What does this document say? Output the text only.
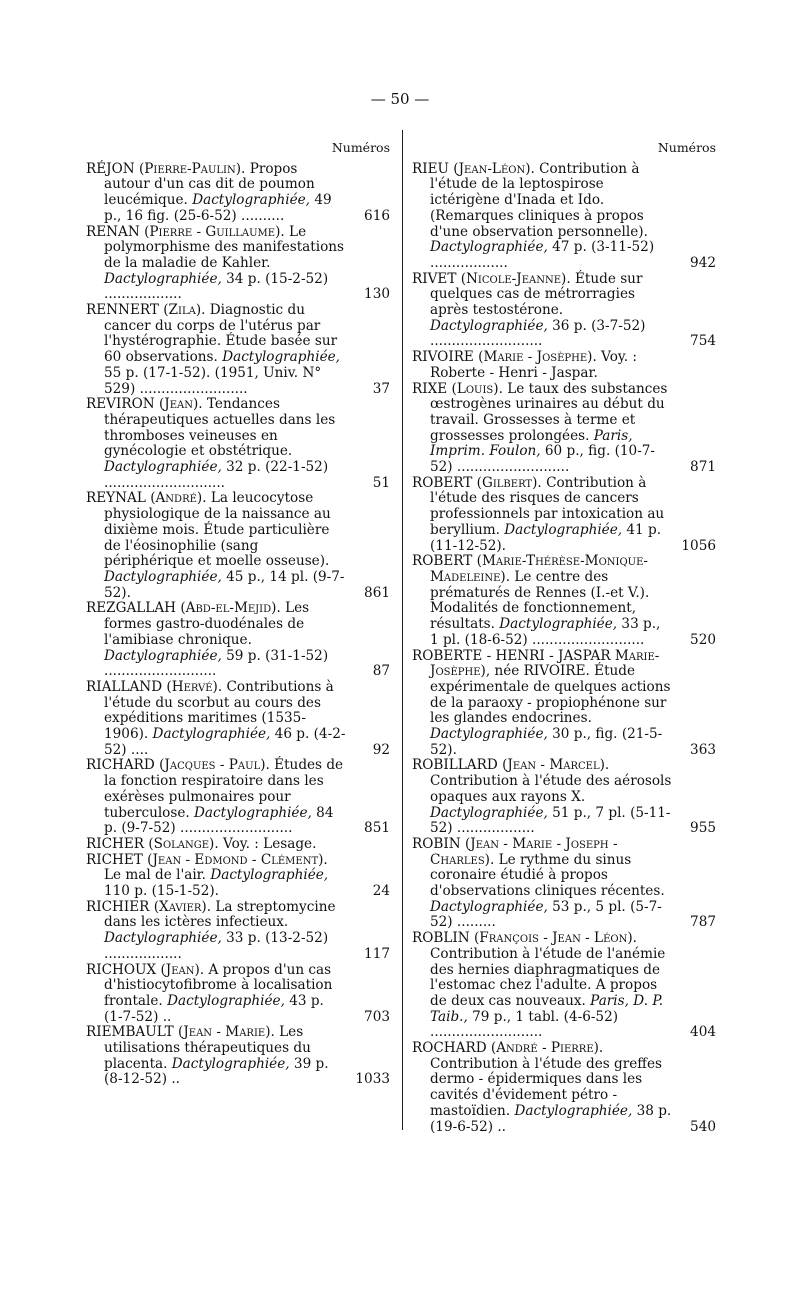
— 50 —
Numéros
RÉJON (Pierre-Paulin). Propos autour d'un cas dit de poumon leucémique. Dactylographiée, 49 p., 16 fig. (25-6-52) ..........	616
RENAN (Pierre - Guillaume). Le polymorphisme des manifestations de la maladie de Kahler. Dactylographiée, 34 p. (15-2-52) ..................	130
RENNERT (Zila). Diagnostic du cancer du corps de l'utérus par l'hystérographie. Étude basée sur 60 observations. Dactylographiée, 55 p. (17-1-52). (1951, Univ. N° 529) .........................	37
REVIRON (Jean). Tendances thérapeutiques actuelles dans les thromboses veineuses en gynécologie et obstétrique. Dactylographiée, 32 p. (22-1-52) ............................	51
REYNAL (André). La leucocytose physiologique de la naissance au dixième mois. Étude particulière de l'éosinophilie (sang périphérique et moelle osseuse). Dactylographiée, 45 p., 14 pl. (9-7-52).	861
REZGALLAH (Abd-el-Mejid). Les formes gastro-duodénales de l'amibiase chronique. Dactylographiée, 59 p. (31-1-52) ..........................	87
RIALLAND (Hervé). Contributions à l'étude du scorbut au cours des expéditions maritimes (1535-1906). Dactylographiée, 46 p. (4-2-52) ....	92
RICHARD (Jacques - Paul). Études de la fonction respiratoire dans les exérèses pulmonaires pour tuberculose. Dactylographiée, 84 p. (9-7-52) ..........................	851
RICHER (Solange). Voy. : Lesage.
RICHET (Jean - Edmond - Clément). Le mal de l'air. Dactylographiée, 110 p. (15-1-52).	24
RICHIER (Xavier). La streptomycine dans les ictères infectieux. Dactylographiée, 33 p. (13-2-52) ..................	117
RICHOUX (Jean). A propos d'un cas d'histiocytofibrome à localisation frontale. Dactylographiée, 43 p. (1-7-52) ..	703
RIEMBAULT (Jean - Marie). Les utilisations thérapeutiques du placenta. Dactylographiée, 39 p. (8-12-52) ..	1033
Numéros
RIEU (Jean-Léon). Contribution à l'étude de la leptospirose ictérigène d'Inada et Ido. (Remarques cliniques à propos d'une observation personnelle). Dactylographiée, 47 p. (3-11-52) ..................	942
RIVET (Nicole-Jeanne). Étude sur quelques cas de métrorragies après testostérone. Dactylographiée, 36 p. (3-7-52) ..........................	754
RIVOIRE (Marie - Josèphe). Voy. : Roberte - Henri - Jaspar.
RIXE (Louis). Le taux des substances œstrogènes urinaires au début du travail. Grossesses à terme et grossesses prolongées. Paris, Imprim. Foulon, 60 p., fig. (10-7-52) ..........................	871
ROBERT (Gilbert). Contribution à l'étude des risques de cancers professionnels par intoxication au beryllium. Dactylographiée, 41 p. (11-12-52).	1056
ROBERT (Marie-Thérèse-Monique-Madeleine). Le centre des prématurés de Rennes (I.-et V.). Modalités de fonctionnement, résultats. Dactylographiée, 33 p., 1 pl. (18-6-52) ..........................	520
ROBERTE - HENRI - JASPAR Marie-Josèphe), née RIVOIRE. Étude expérimentale de quelques actions de la paraoxy - propiophénone sur les glandes endocrines. Dactylographiée, 30 p., fig. (21-5-52).	363
ROBILLARD (Jean - Marcel). Contribution à l'étude des aérosols opaques aux rayons X. Dactylographiée, 51 p., 7 pl. (5-11-52) ..................	955
ROBIN (Jean - Marie - Joseph - Charles). Le rythme du sinus coronaire étudié à propos d'observations cliniques récentes. Dactylographiée, 53 p., 5 pl. (5-7-52) .........	787
ROBLIN (François - Jean - Léon). Contribution à l'étude de l'anémie des hernies diaphragmatiques de l'estomac chez l'adulte. A propos de deux cas nouveaux. Paris, D. P. Taib., 79 p., 1 tabl. (4-6-52) ..........................	404
ROCHARD (André - Pierre). Contribution à l'étude des greffes dermo - épidermiques dans les cavités d'évidement pétro - mastoïdien. Dactylographiée, 38 p. (19-6-52) ..	540
